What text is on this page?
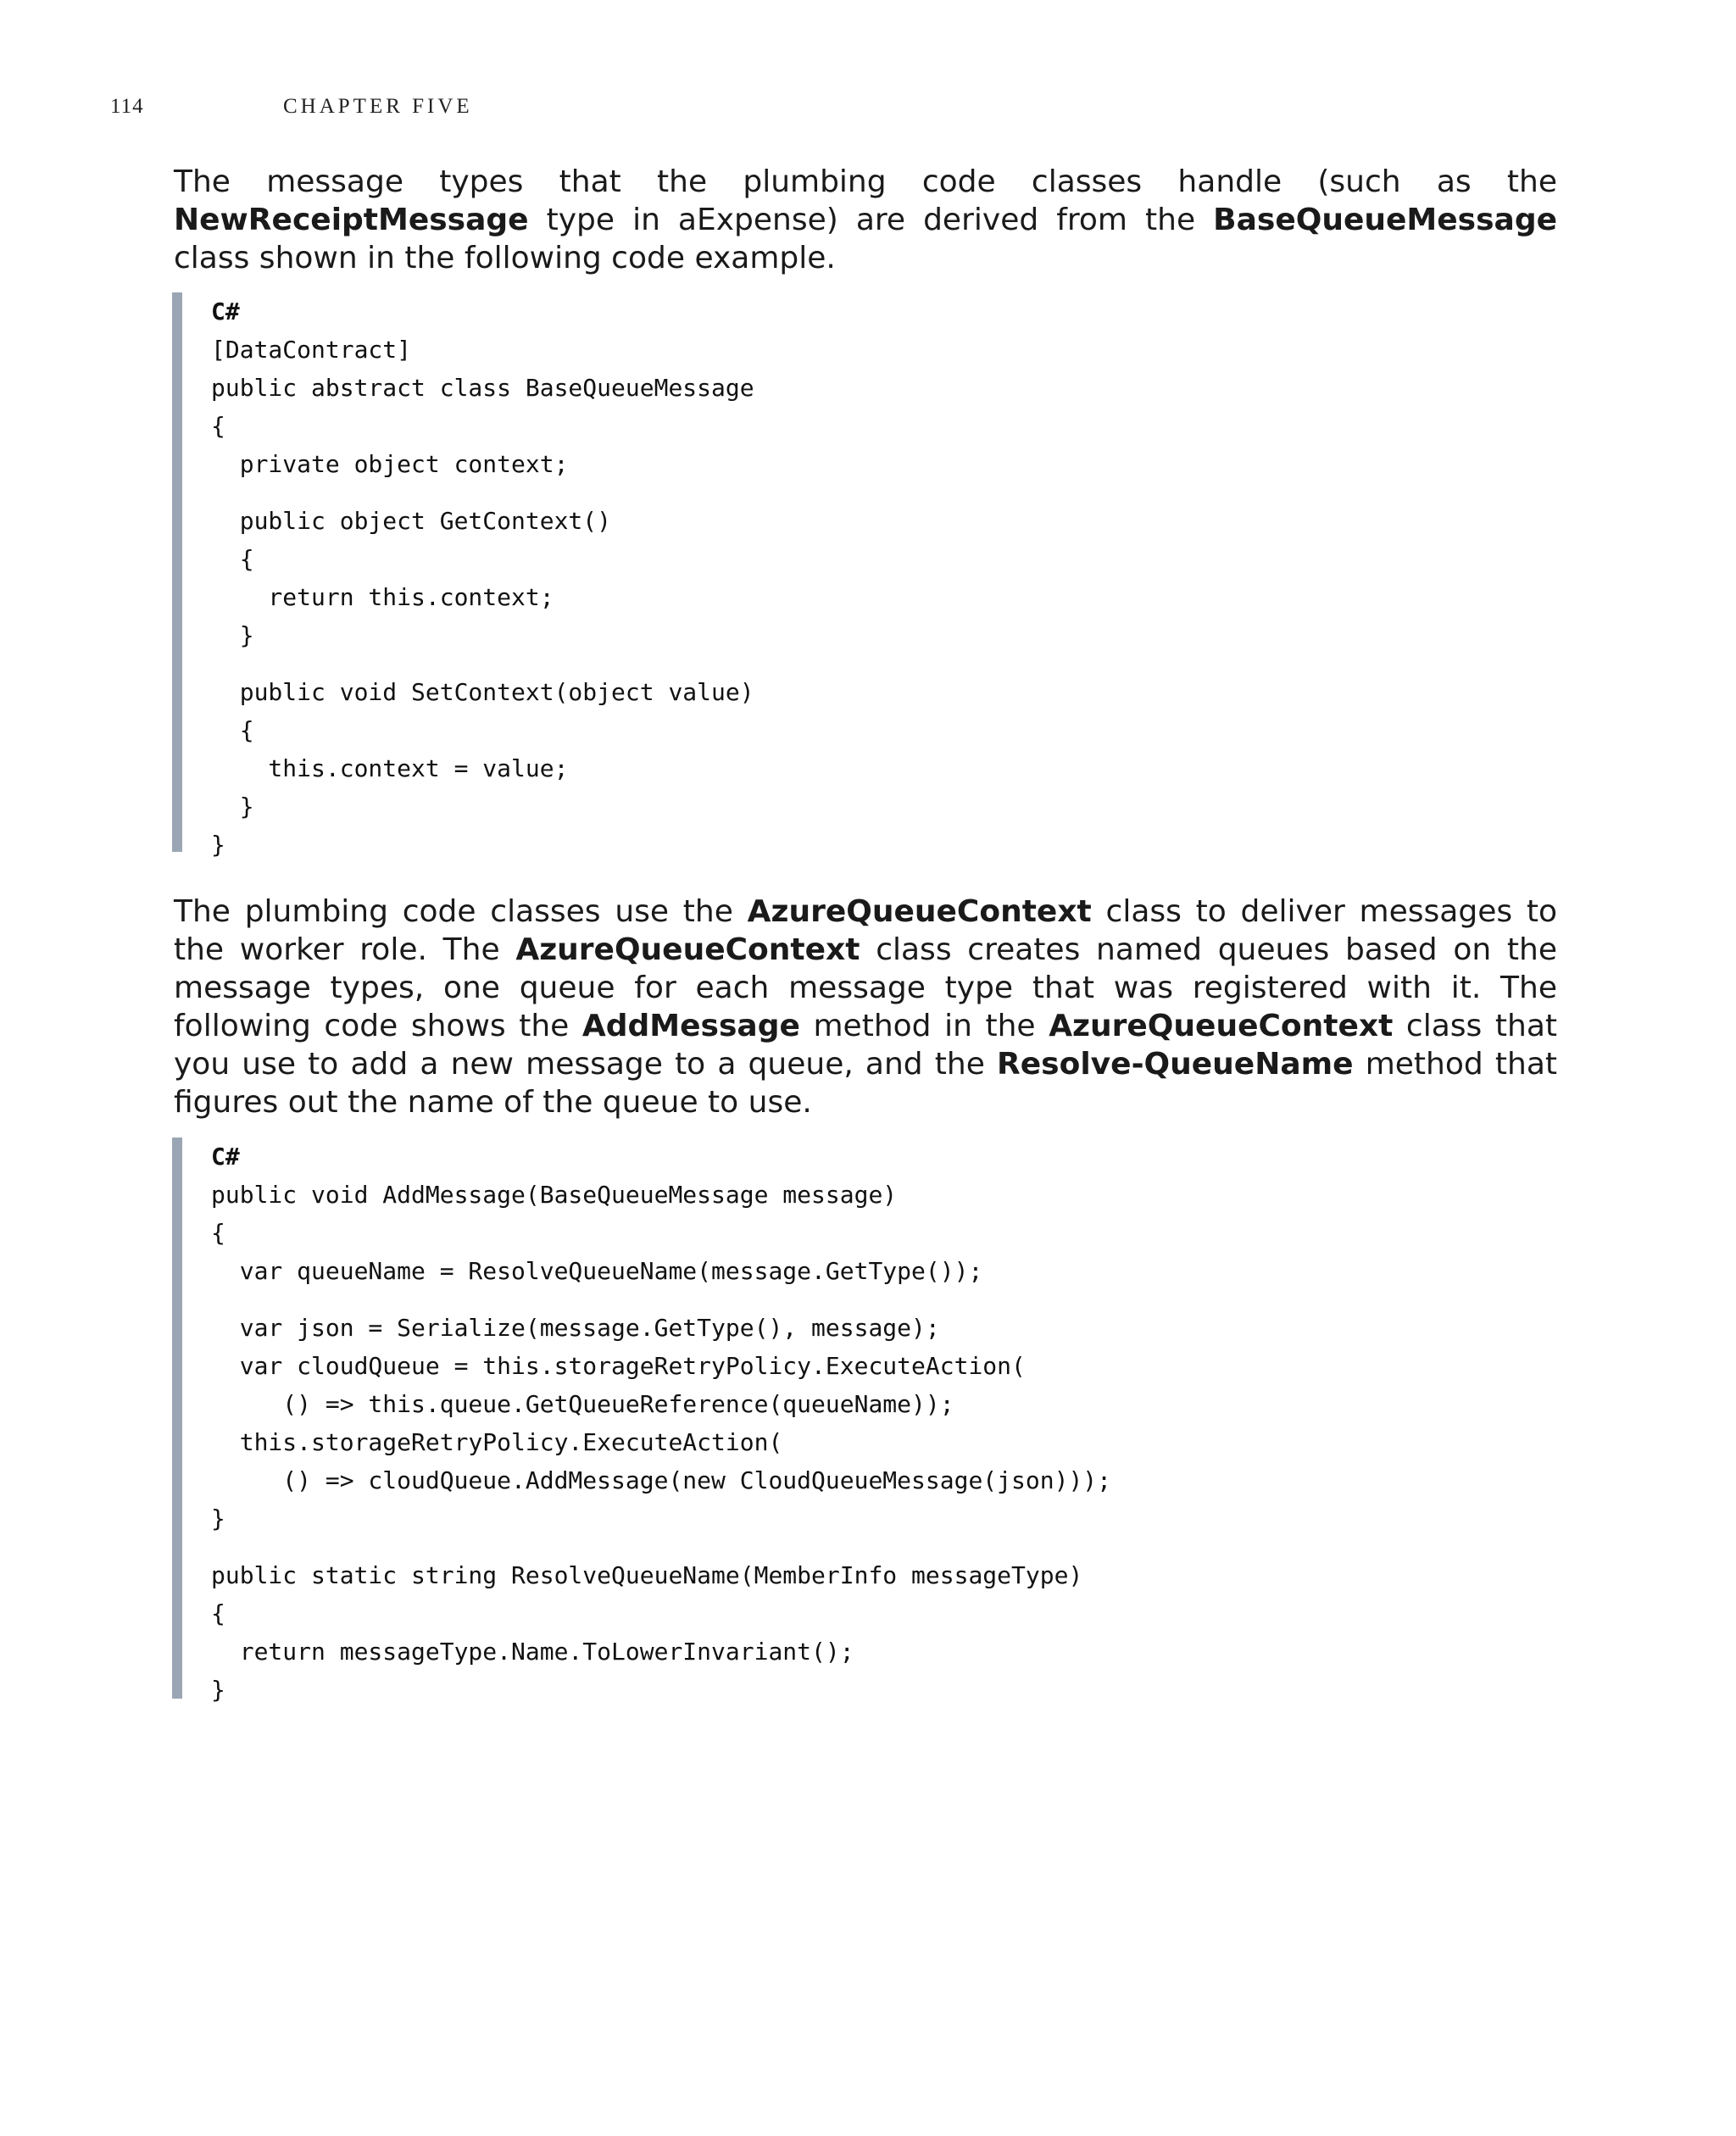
114	CHAPTER FIVE

The message types that the plumbing code classes handle (such as the NewReceiptMessage type in aExpense) are derived from the BaseQueueMessage class shown in the following code example.

C#
[DataContract]
public abstract class BaseQueueMessage
{
private object context;
public object GetContext()
{
return this.context;
}
public void SetContext(object value)
{
this.context = value;
}
}

The plumbing code classes use the AzureQueueContext class to deliver messages to the worker role. The AzureQueueContext class creates named queues based on the message types, one queue for each message type that was registered with it. The following code shows the AddMessage method in the AzureQueueContext class that you use to add a new message to a queue, and the Resolve-QueueName method that figures out the name of the queue to use.

C#
public void AddMessage(BaseQueueMessage message)
{
var queueName = ResolveQueueName(message.GetType());
var json = Serialize(message.GetType(), message);
var cloudQueue = this.storageRetryPolicy.ExecuteAction(
() => this.queue.GetQueueReference(queueName));
this.storageRetryPolicy.ExecuteAction(
() => cloudQueue.AddMessage(new CloudQueueMessage(json)));
}
public static string ResolveQueueName(MemberInfo messageType)
{
return messageType.Name.ToLowerInvariant();
}
